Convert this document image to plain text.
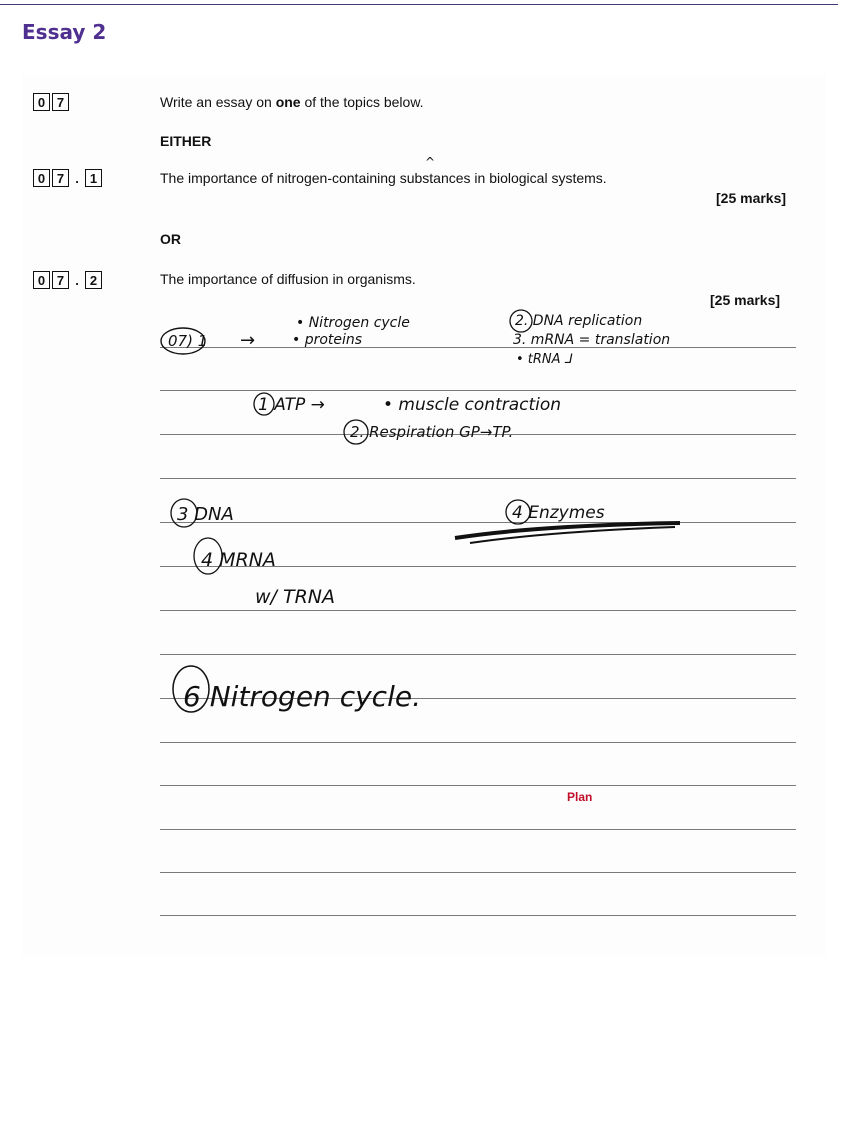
Essay 2
0 7	Write an essay on one of the topics below.
EITHER
0 7 . 1	The importance of nitrogen-containing substances in biological systems.
[25 marks]
OR
0 7 . 2	The importance of diffusion in organisms.
[25 marks]
^
07) 1 →
• Nitrogen cycle
• proteins
2. DNA replication
3. mRNA = translation
• tRNA ⅃
1 ATP →	• muscle contraction
2. Respiration GP→TP.
3 DNA	4 Enzymes
4 MRNA
w/ TRNA
6 Nitrogen cycle.
Plan
